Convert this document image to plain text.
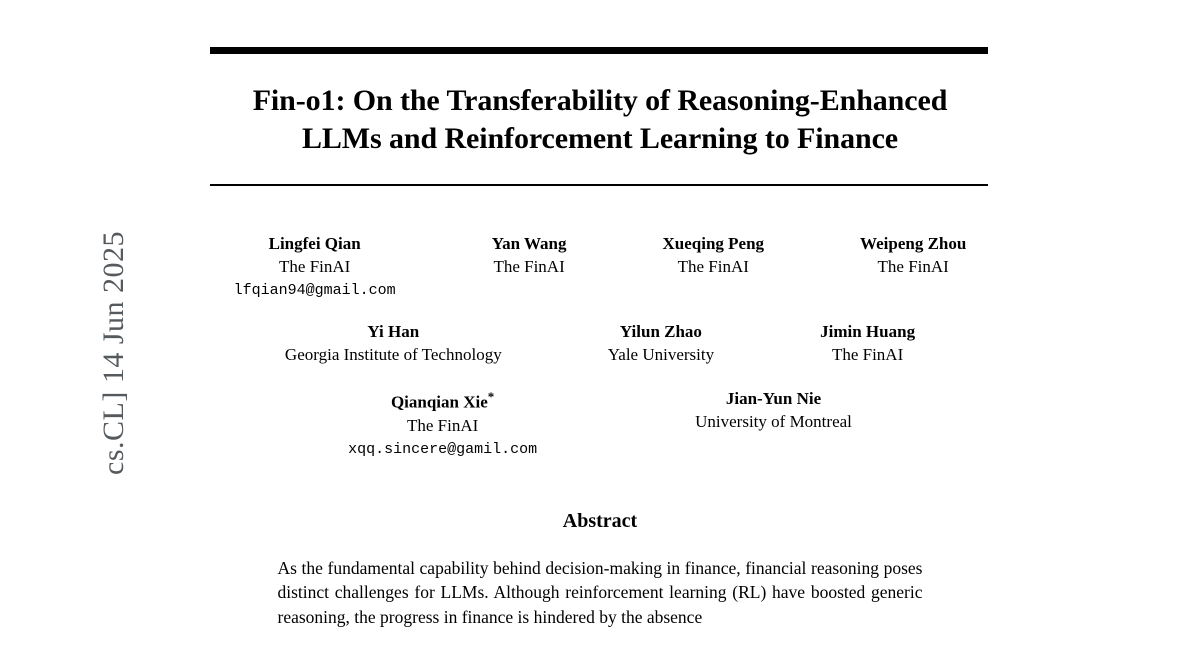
cs.CL] 14 Jun 2025
Fin-o1: On the Transferability of Reasoning-Enhanced LLMs and Reinforcement Learning to Finance
Lingfei Qian
The FinAI
lfqian94@gmail.com
Yan Wang
The FinAI
Xueqing Peng
The FinAI
Weipeng Zhou
The FinAI
Yi Han
Georgia Institute of Technology
Yilun Zhao
Yale University
Jimin Huang
The FinAI
Qianqian Xie*
The FinAI
xqq.sincere@gamil.com
Jian-Yun Nie
University of Montreal
Abstract

As the fundamental capability behind decision-making in finance, financial reasoning poses distinct challenges for LLMs. Although reinforcement learning (RL) have boosted generic reasoning, the progress in finance is hindered by the absence
